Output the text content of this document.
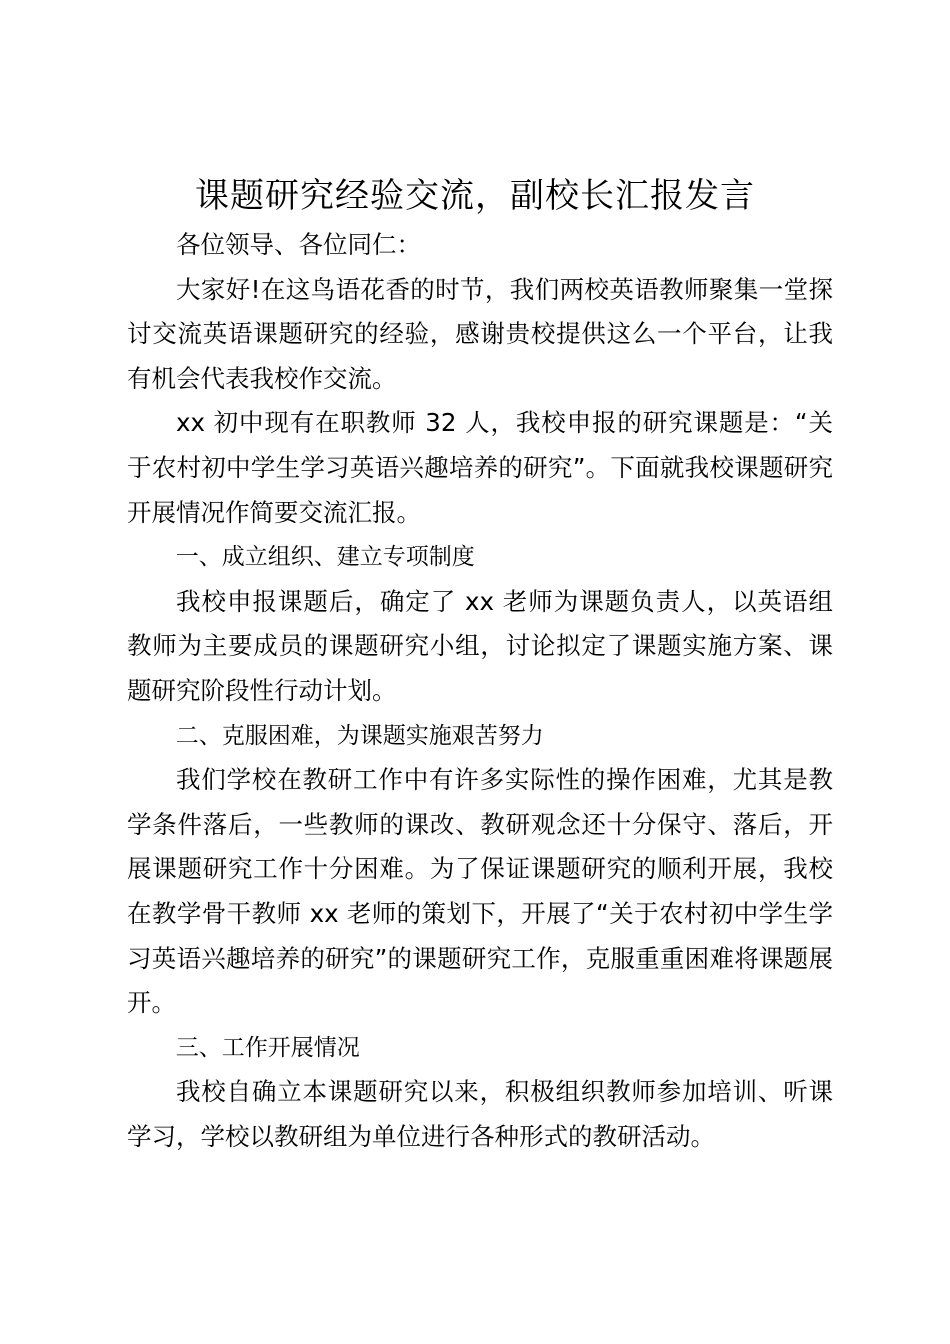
课题研究经验交流，副校长汇报发言

各位领导、各位同仁：

大家好!在这鸟语花香的时节，我们两校英语教师聚集一堂探讨交流英语课题研究的经验，感谢贵校提供这么一个平台，让我有机会代表我校作交流。

xx 初中现有在职教师 32 人，我校申报的研究课题是：“关于农村初中学生学习英语兴趣培养的研究”。下面就我校课题研究开展情况作简要交流汇报。

一、成立组织、建立专项制度

我校申报课题后，确定了 xx 老师为课题负责人，以英语组教师为主要成员的课题研究小组，讨论拟定了课题实施方案、课题研究阶段性行动计划。

二、克服困难，为课题实施艰苦努力

我们学校在教研工作中有许多实际性的操作困难，尤其是教学条件落后，一些教师的课改、教研观念还十分保守、落后，开展课题研究工作十分困难。为了保证课题研究的顺利开展，我校在教学骨干教师 xx 老师的策划下，开展了“关于农村初中学生学习英语兴趣培养的研究”的课题研究工作，克服重重困难将课题展开。

三、工作开展情况

我校自确立本课题研究以来，积极组织教师参加培训、听课学习，学校以教研组为单位进行各种形式的教研活动。
